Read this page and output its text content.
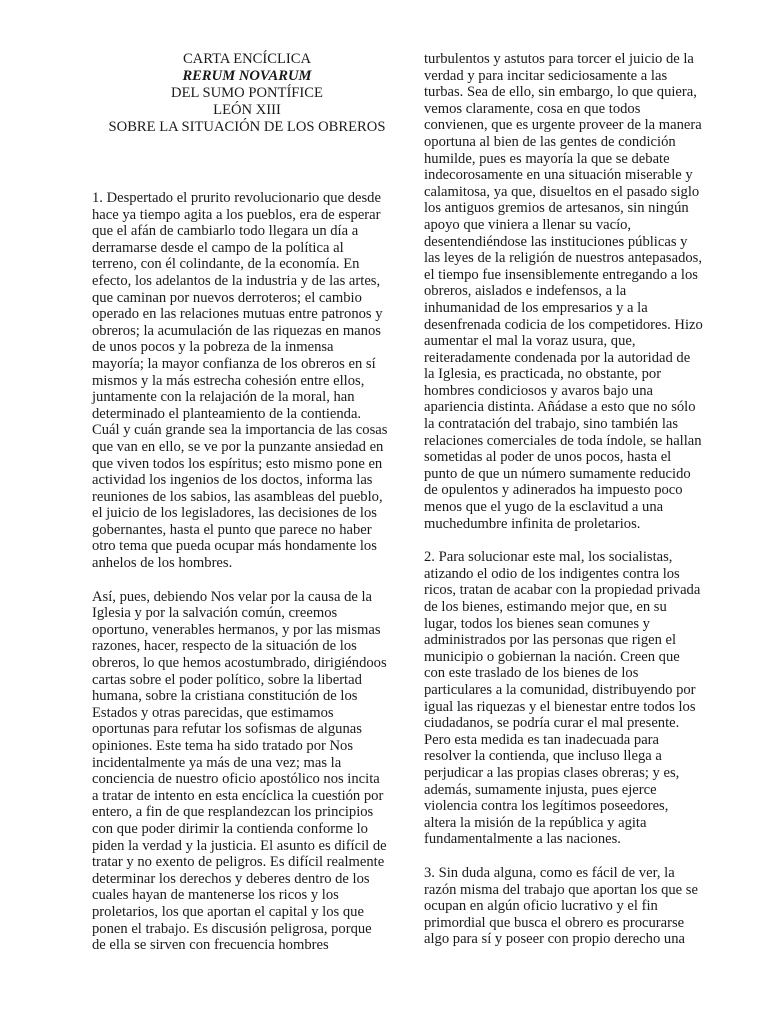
CARTA ENCÍCLICA
RERUM NOVARUM
DEL SUMO PONTÍFICE
LEÓN XIII
SOBRE LA SITUACIÓN DE LOS OBREROS

1. Despertado el prurito revolucionario que desde
hace ya tiempo agita a los pueblos, era de esperar
que el afán de cambiarlo todo llegara un día a
derramarse desde el campo de la política al
terreno, con él colindante, de la economía. En
efecto, los adelantos de la industria y de las artes,
que caminan por nuevos derroteros; el cambio
operado en las relaciones mutuas entre patronos y
obreros; la acumulación de las riquezas en manos
de unos pocos y la pobreza de la inmensa
mayoría; la mayor confianza de los obreros en sí
mismos y la más estrecha cohesión entre ellos,
juntamente con la relajación de la moral, han
determinado el planteamiento de la contienda.
Cuál y cuán grande sea la importancia de las cosas
que van en ello, se ve por la punzante ansiedad en
que viven todos los espíritus; esto mismo pone en
actividad los ingenios de los doctos, informa las
reuniones de los sabios, las asambleas del pueblo,
el juicio de los legisladores, las decisiones de los
gobernantes, hasta el punto que parece no haber
otro tema que pueda ocupar más hondamente los
anhelos de los hombres.

Así, pues, debiendo Nos velar por la causa de la
Iglesia y por la salvación común, creemos
oportuno, venerables hermanos, y por las mismas
razones, hacer, respecto de la situación de los
obreros, lo que hemos acostumbrado, dirigiéndoos
cartas sobre el poder político, sobre la libertad
humana, sobre la cristiana constitución de los
Estados y otras parecidas, que estimamos
oportunas para refutar los sofismas de algunas
opiniones. Este tema ha sido tratado por Nos
incidentalmente ya más de una vez; mas la
conciencia de nuestro oficio apostólico nos incita
a tratar de intento en esta encíclica la cuestión por
entero, a fin de que resplandezcan los principios
con que poder dirimir la contienda conforme lo
piden la verdad y la justicia. El asunto es difícil de
tratar y no exento de peligros. Es difícil realmente
determinar los derechos y deberes dentro de los
cuales hayan de mantenerse los ricos y los
proletarios, los que aportan el capital y los que
ponen el trabajo. Es discusión peligrosa, porque
de ella se sirven con frecuencia hombres

turbulentos y astutos para torcer el juicio de la
verdad y para incitar sediciosamente a las
turbas. Sea de ello, sin embargo, lo que quiera,
vemos claramente, cosa en que todos
convienen, que es urgente proveer de la manera
oportuna al bien de las gentes de condición
humilde, pues es mayoría la que se debate
indecorosamente en una situación miserable y
calamitosa, ya que, disueltos en el pasado siglo
los antiguos gremios de artesanos, sin ningún
apoyo que viniera a llenar su vacío,
desentendiéndose las instituciones públicas y
las leyes de la religión de nuestros antepasados,
el tiempo fue insensiblemente entregando a los
obreros, aislados e indefensos, a la
inhumanidad de los empresarios y a la
desenfrenada codicia de los competidores. Hizo
aumentar el mal la voraz usura, que,
reiteradamente condenada por la autoridad de
la Iglesia, es practicada, no obstante, por
hombres condiciosos y avaros bajo una
apariencia distinta. Añádase a esto que no sólo
la contratación del trabajo, sino también las
relaciones comerciales de toda índole, se hallan
sometidas al poder de unos pocos, hasta el
punto de que un número sumamente reducido
de opulentos y adinerados ha impuesto poco
menos que el yugo de la esclavitud a una
muchedumbre infinita de proletarios.

2. Para solucionar este mal, los socialistas,
atizando el odio de los indigentes contra los
ricos, tratan de acabar con la propiedad privada
de los bienes, estimando mejor que, en su
lugar, todos los bienes sean comunes y
administrados por las personas que rigen el
municipio o gobiernan la nación. Creen que
con este traslado de los bienes de los
particulares a la comunidad, distribuyendo por
igual las riquezas y el bienestar entre todos los
ciudadanos, se podría curar el mal presente.
Pero esta medida es tan inadecuada para
resolver la contienda, que incluso llega a
perjudicar a las propias clases obreras; y es,
además, sumamente injusta, pues ejerce
violencia contra los legítimos poseedores,
altera la misión de la república y agita
fundamentalmente a las naciones.

3. Sin duda alguna, como es fácil de ver, la
razón misma del trabajo que aportan los que se
ocupan en algún oficio lucrativo y el fin
primordial que busca el obrero es procurarse
algo para sí y poseer con propio derecho una
